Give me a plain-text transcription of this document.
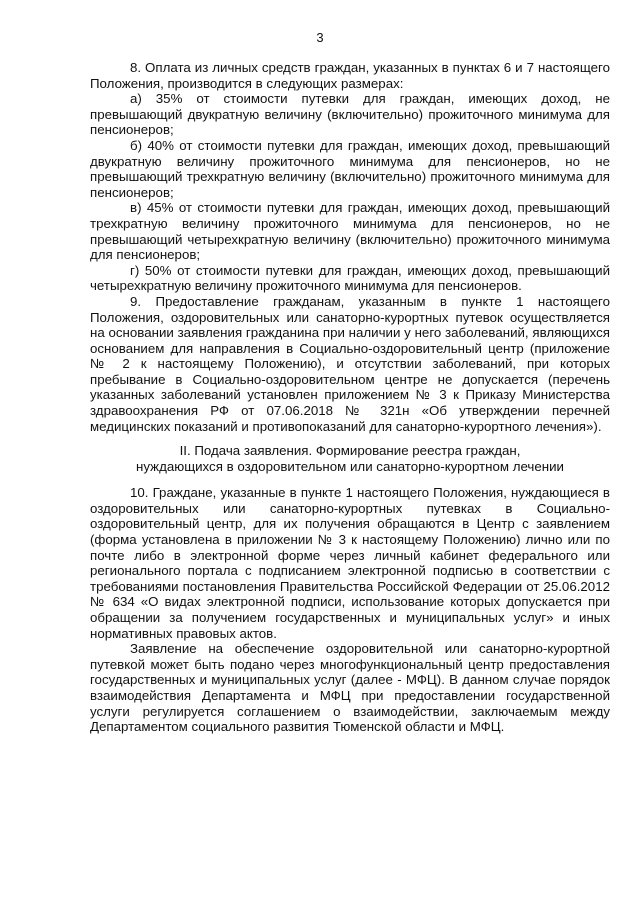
3

8. Оплата из личных средств граждан, указанных в пунктах 6 и 7 настоящего Положения, производится в следующих размерах:

а) 35% от стоимости путевки для граждан, имеющих доход, не превышающий двукратную величину (включительно) прожиточного минимума для пенсионеров;

б) 40% от стоимости путевки для граждан, имеющих доход, превышающий двукратную величину прожиточного минимума для пенсионеров, но не превышающий трехкратную величину (включительно) прожиточного минимума для пенсионеров;

в) 45% от стоимости путевки для граждан, имеющих доход, превышающий трехкратную величину прожиточного минимума для пенсионеров, но не превышающий четырехкратную величину (включительно) прожиточного минимума для пенсионеров;

г) 50% от стоимости путевки для граждан, имеющих доход, превышающий четырехкратную величину прожиточного минимума для пенсионеров.

9. Предоставление гражданам, указанным в пункте 1 настоящего Положения, оздоровительных или санаторно-курортных путевок осуществляется на основании заявления гражданина при наличии у него заболеваний, являющихся основанием для направления в Социально-оздоровительный центр (приложение № 2 к настоящему Положению), и отсутствии заболеваний, при которых пребывание в Социально-оздоровительном центре не допускается (перечень указанных заболеваний установлен приложением № 3 к Приказу Министерства здравоохранения РФ от 07.06.2018 № 321н «Об утверждении перечней медицинских показаний и противопоказаний для санаторно-курортного лечения»).

II. Подача заявления. Формирование реестра граждан,
нуждающихся в оздоровительном или санаторно-курортном лечении

10. Граждане, указанные в пункте 1 настоящего Положения, нуждающиеся в оздоровительных или санаторно-курортных путевках в Социально-оздоровительный центр, для их получения обращаются в Центр с заявлением (форма установлена в приложении № 3 к настоящему Положению) лично или по почте либо в электронной форме через личный кабинет федерального или регионального портала с подписанием электронной подписью в соответствии с требованиями постановления Правительства Российской Федерации от 25.06.2012 № 634 «О видах электронной подписи, использование которых допускается при обращении за получением государственных и муниципальных услуг» и иных нормативных правовых актов.

Заявление на обеспечение оздоровительной или санаторно-курортной путевкой может быть подано через многофункциональный центр предоставления государственных и муниципальных услуг (далее - МФЦ). В данном случае порядок взаимодействия Департамента и МФЦ при предоставлении государственной услуги регулируется соглашением о взаимодействии, заключаемым между Департаментом социального развития Тюменской области и МФЦ.
